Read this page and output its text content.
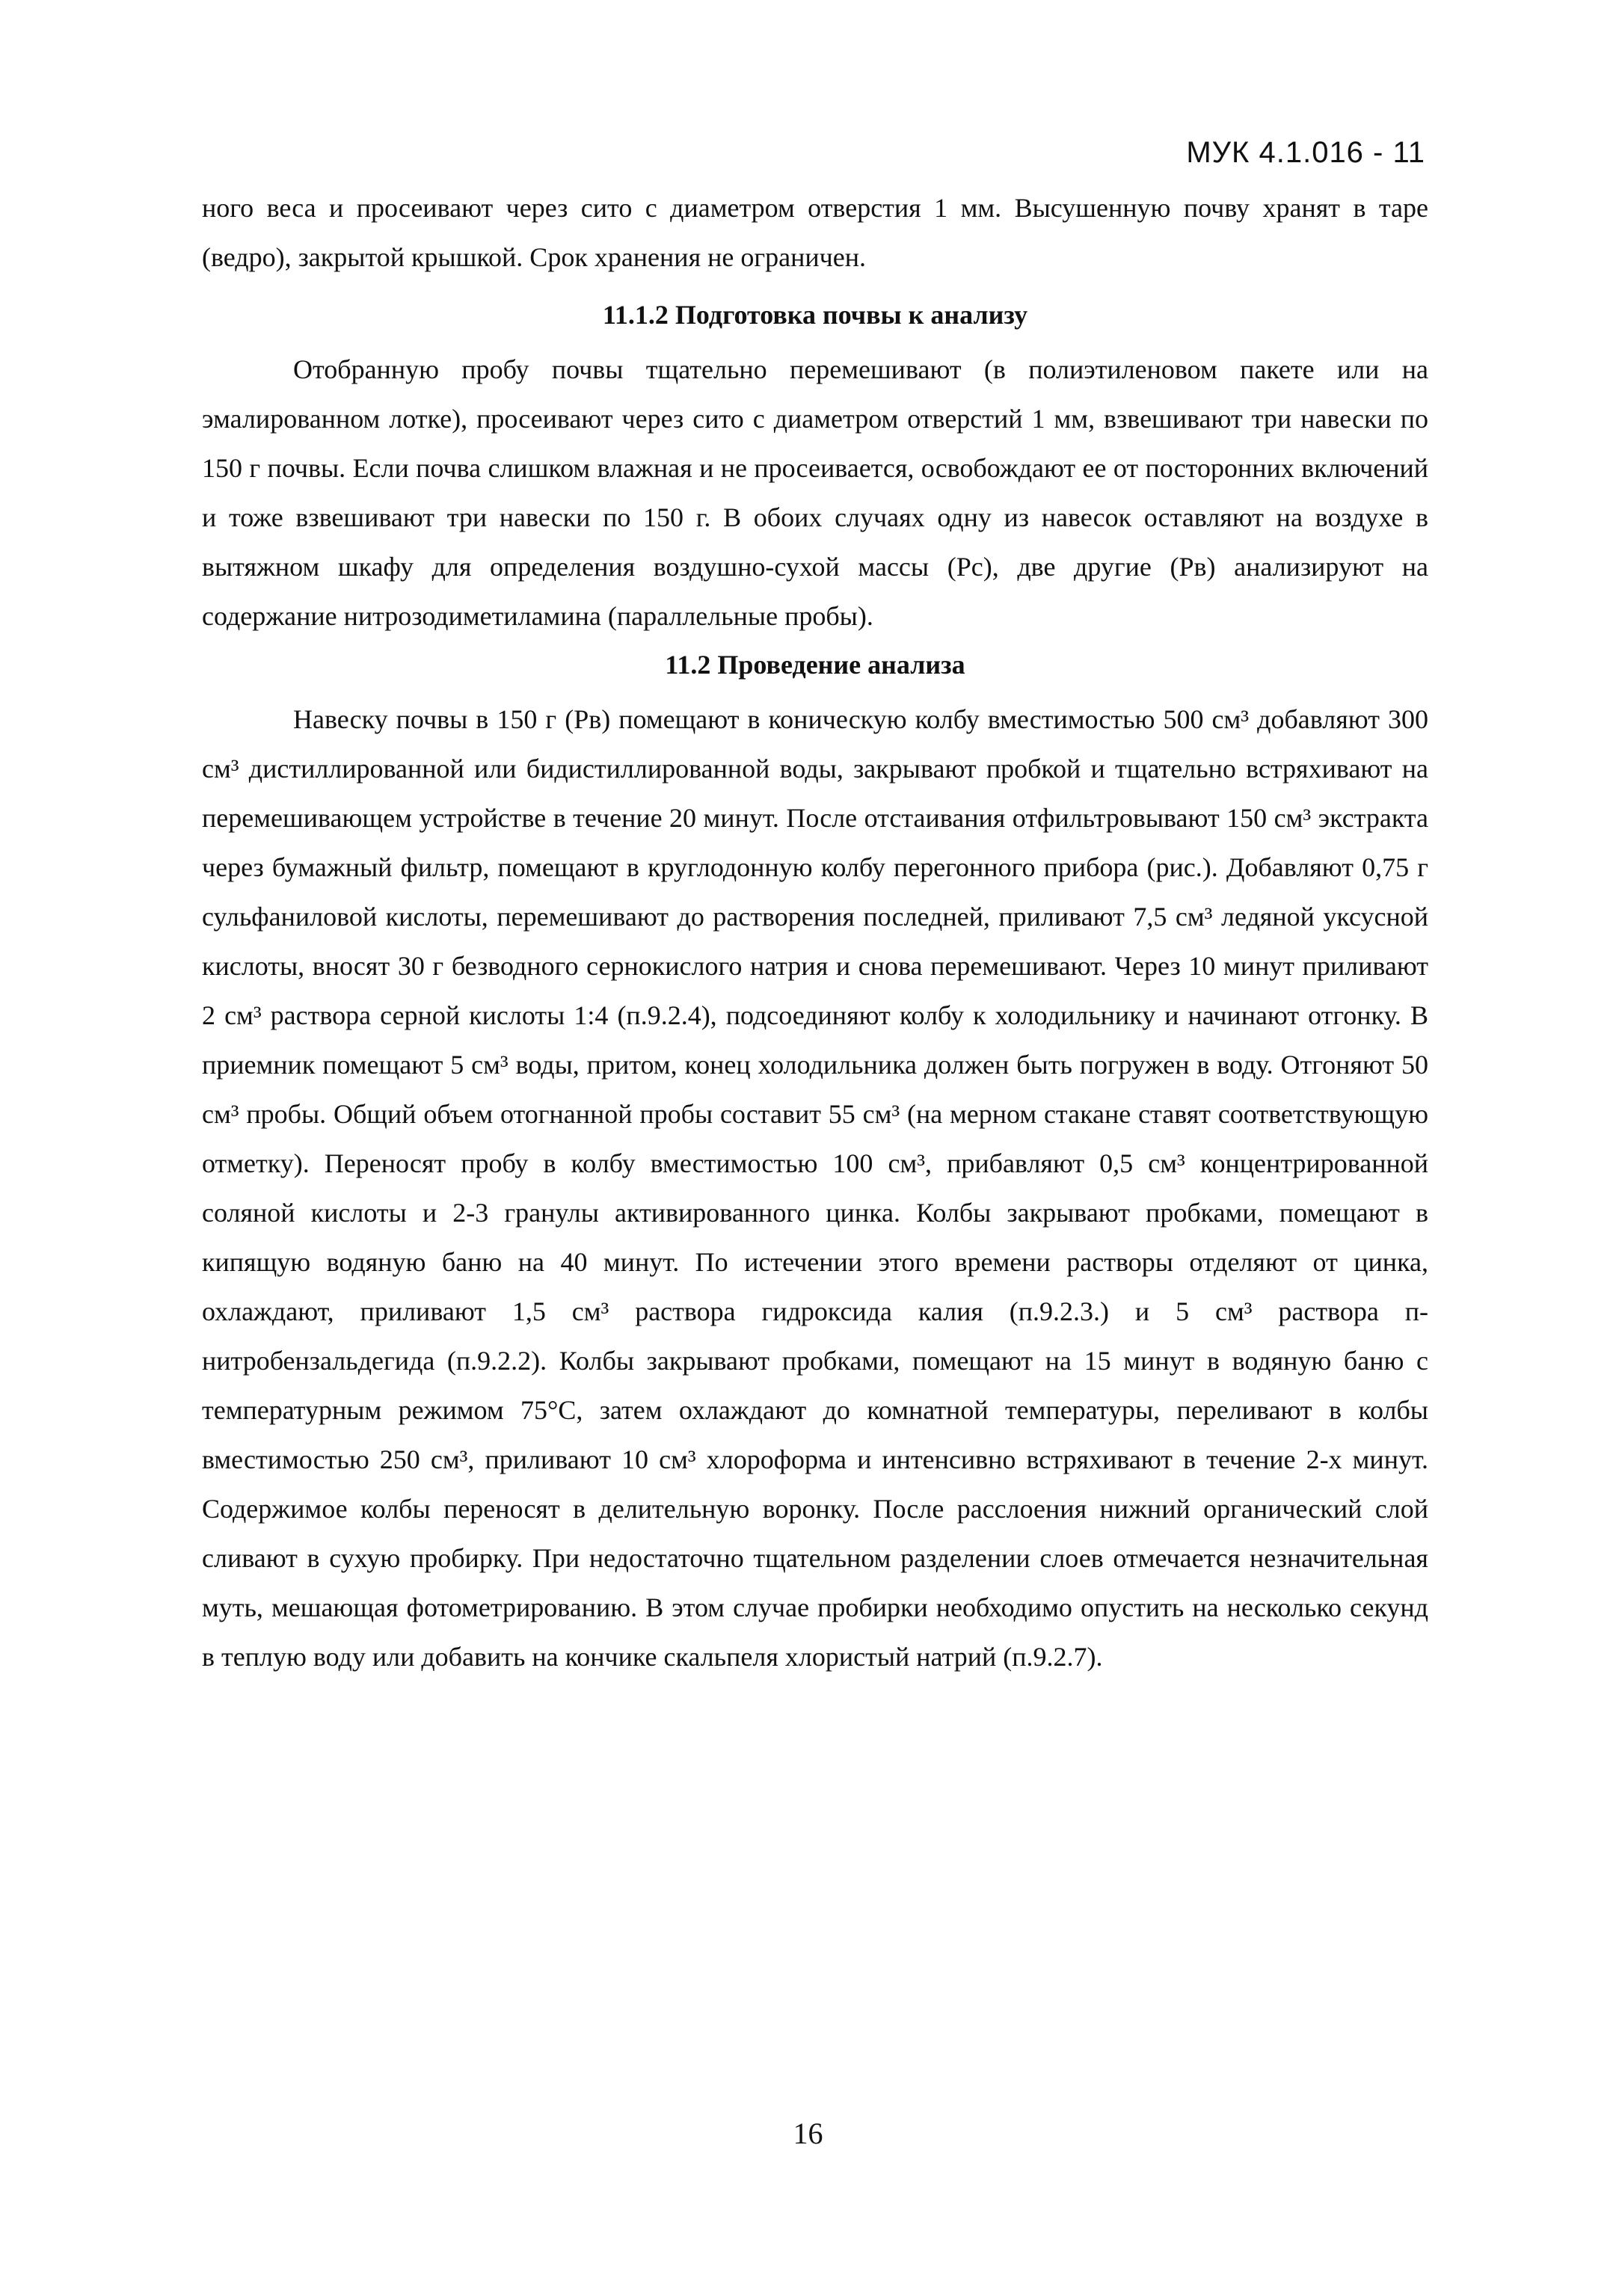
МУК 4.1.016 - 11

ного веса и просеивают через сито с диаметром отверстия 1 мм. Высушенную почву хранят в таре (ведро), закрытой крышкой. Срок хранения не ограничен.

11.1.2 Подготовка почвы к анализу

Отобранную пробу почвы тщательно перемешивают (в полиэтиленовом пакете или на эмалированном лотке), просеивают через сито с диаметром отверстий 1 мм, взвешивают три навески по 150 г почвы. Если почва слишком влажная и не просеивается, освобождают ее от посторонних включений и тоже взвешивают три навески по 150 г. В обоих случаях одну из навесок оставляют на воздухе в вытяжном шкафу для определения воздушно-сухой массы (Pс), две другие (Pв) анализируют на содержание нитрозодиметиламина (параллельные пробы).

11.2 Проведение анализа

Навеску почвы в 150 г (Pв) помещают в коническую колбу вместимостью 500 см³ добавляют 300 см³ дистиллированной или бидистиллированной воды, закрывают пробкой и тщательно встряхивают на перемешивающем устройстве в течение 20 минут. После отстаивания отфильтровывают 150 см³ экстракта через бумажный фильтр, помещают в круглодонную колбу перегонного прибора (рис.). Добавляют 0,75 г сульфаниловой кислоты, перемешивают до растворения последней, приливают 7,5 см³ ледяной уксусной кислоты, вносят 30 г безводного сернокислого натрия и снова перемешивают. Через 10 минут приливают 2 см³ раствора серной кислоты 1:4 (п.9.2.4), подсоединяют колбу к холодильнику и начинают отгонку. В приемник помещают 5 см³ воды, притом, конец холодильника должен быть погружен в воду. Отгоняют 50 см³ пробы. Общий объем отогнанной пробы составит 55 см³ (на мерном стакане ставят соответствующую отметку). Переносят пробу в колбу вместимостью 100 см³, прибавляют 0,5 см³ концентрированной соляной кислоты и 2-3 гранулы активированного цинка. Колбы закрывают пробками, помещают в кипящую водяную баню на 40 минут. По истечении этого времени растворы отделяют от цинка, охлаждают, приливают 1,5 см³ раствора гидроксида калия (п.9.2.3.) и 5 см³ раствора п-нитробензальдегида (п.9.2.2). Колбы закрывают пробками, помещают на 15 минут в водяную баню с температурным режимом 75°С, затем охлаждают до комнатной температуры, переливают в колбы вместимостью 250 см³, приливают 10 см³ хлороформа и интенсивно встряхивают в течение 2-х минут. Содержимое колбы переносят в делительную воронку. После расслоения нижний органический слой сливают в сухую пробирку. При недостаточно тщательном разделении слоев отмечается незначительная муть, мешающая фотометрированию. В этом случае пробирки необходимо опустить на несколько секунд в теплую воду или добавить на кончике скальпеля хлористый натрий (п.9.2.7).

16
